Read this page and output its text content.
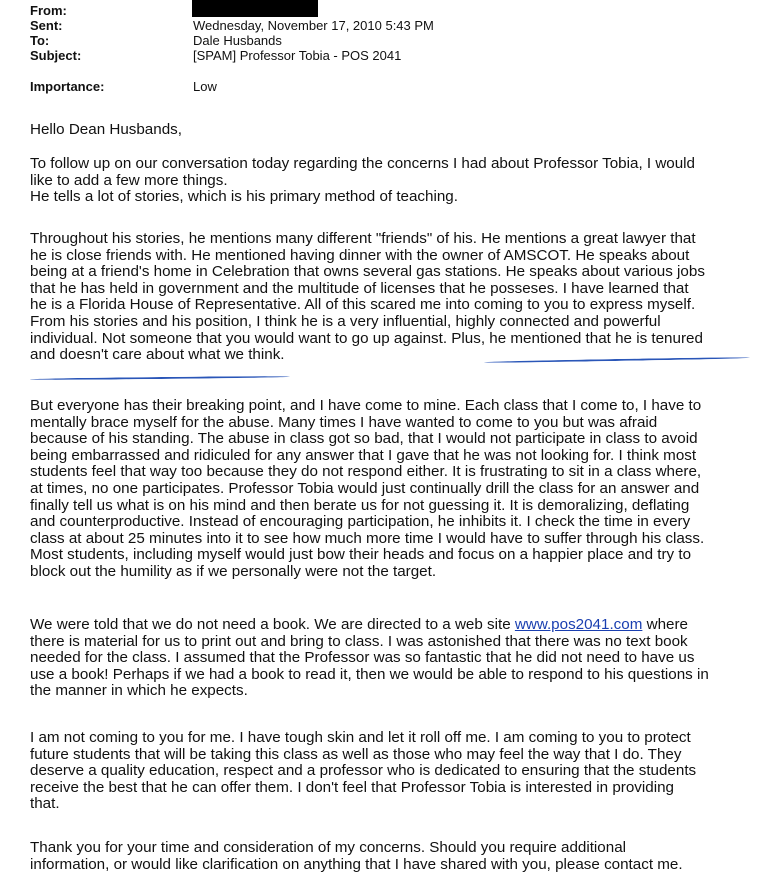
From:
Sent:	Wednesday, November 17, 2010 5:43 PM
To:	Dale Husbands
Subject:	[SPAM] Professor Tobia - POS 2041
Importance:	Low

Hello Dean Husbands,

To follow up on our conversation today regarding the concerns I had about Professor Tobia, I would

like to add a few more things.

He tells a lot of stories, which is his primary method of teaching.

Throughout his stories, he mentions many different "friends" of his. He mentions a great lawyer that

he is close friends with. He mentioned having dinner with the owner of AMSCOT. He speaks about

being at a friend's home in Celebration that owns several gas stations. He speaks about various jobs

that he has held in government and the multitude of licenses that he posseses. I have learned that

he is a Florida House of Representative. All of this scared me into coming to you to express myself.

From his stories and his position, I think he is a very influential, highly connected and powerful

individual. Not someone that you would want to go up against. Plus, he mentioned that he is tenured

and doesn't care about what we think.

But everyone has their breaking point, and I have come to mine. Each class that I come to, I have to

mentally brace myself for the abuse. Many times I have wanted to come to you but was afraid

because of his standing. The abuse in class got so bad, that I would not participate in class to avoid

being embarrassed and ridiculed for any answer that I gave that he was not looking for. I think most

students feel that way too because they do not respond either. It is frustrating to sit in a class where,

at times, no one participates. Professor Tobia would just continually drill the class for an answer and

finally tell us what is on his mind and then berate us for not guessing it. It is demoralizing, deflating

and counterproductive. Instead of encouraging participation, he inhibits it. I check the time in every

class at about 25 minutes into it to see how much more time I would have to suffer through his class.

Most students, including myself would just bow their heads and focus on a happier place and try to

block out the humility as if we personally were not the target.

We were told that we do not need a book. We are directed to a web site www.pos2041.com where

there is material for us to print out and bring to class. I was astonished that there was no text book

needed for the class. I assumed that the Professor was so fantastic that he did not need to have us

use a book! Perhaps if we had a book to read it, then we would be able to respond to his questions in

the manner in which he expects.

I am not coming to you for me. I have tough skin and let it roll off me. I am coming to you to protect

future students that will be taking this class as well as those who may feel the way that I do. They

deserve a quality education, respect and a professor who is dedicated to ensuring that the students

receive the best that he can offer them. I don't feel that Professor Tobia is interested in providing

that.

Thank you for your time and consideration of my concerns. Should you require additional

information, or would like clarification on anything that I have shared with you, please contact me.
